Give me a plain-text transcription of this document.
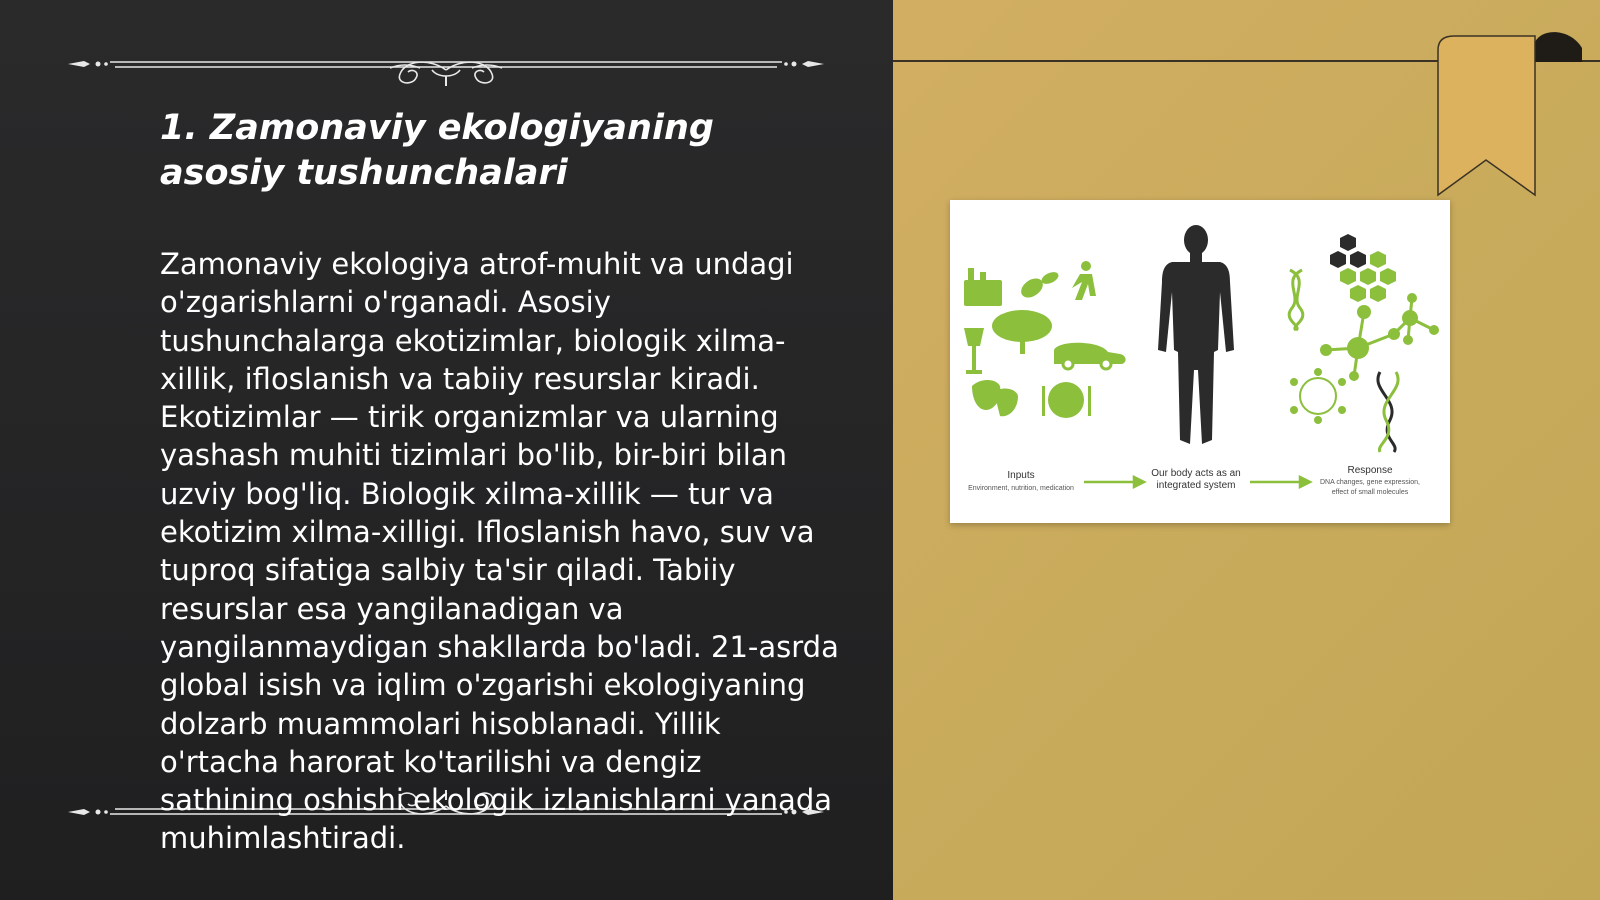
1. Zamonaviy ekologiyaning asosiy tushunchalari

Zamonaviy ekologiya atrof-muhit va undagi o'zgarishlarni o'rganadi. Asosiy tushunchalarga ekotizimlar, biologik xilma-xillik, ifloslanish va tabiiy resurslar kiradi. Ekotizimlar — tirik organizmlar va ularning yashash muhiti tizimlari bo'lib, bir-biri bilan uzviy bog'liq. Biologik xilma-xillik — tur va ekotizim xilma-xilligi. Ifloslanish havo, suv va tuproq sifatiga salbiy ta'sir qiladi. Tabiiy resurslar esa yangilanadigan va yangilanmaydigan shakllarda bo'ladi. 21-asrda global isish va iqlim o'zgarishi ekologiyaning dolzarb muammolari hisoblanadi. Yillik o'rtacha harorat ko'tarilishi va dengiz sathining oshishi ekologik izlanishlarni yanada muhimlashtiradi.

Inputs
Environment, nutrition, medication
Our body acts as an
integrated system
Response
DNA changes, gene expression,
effect of small molecules
